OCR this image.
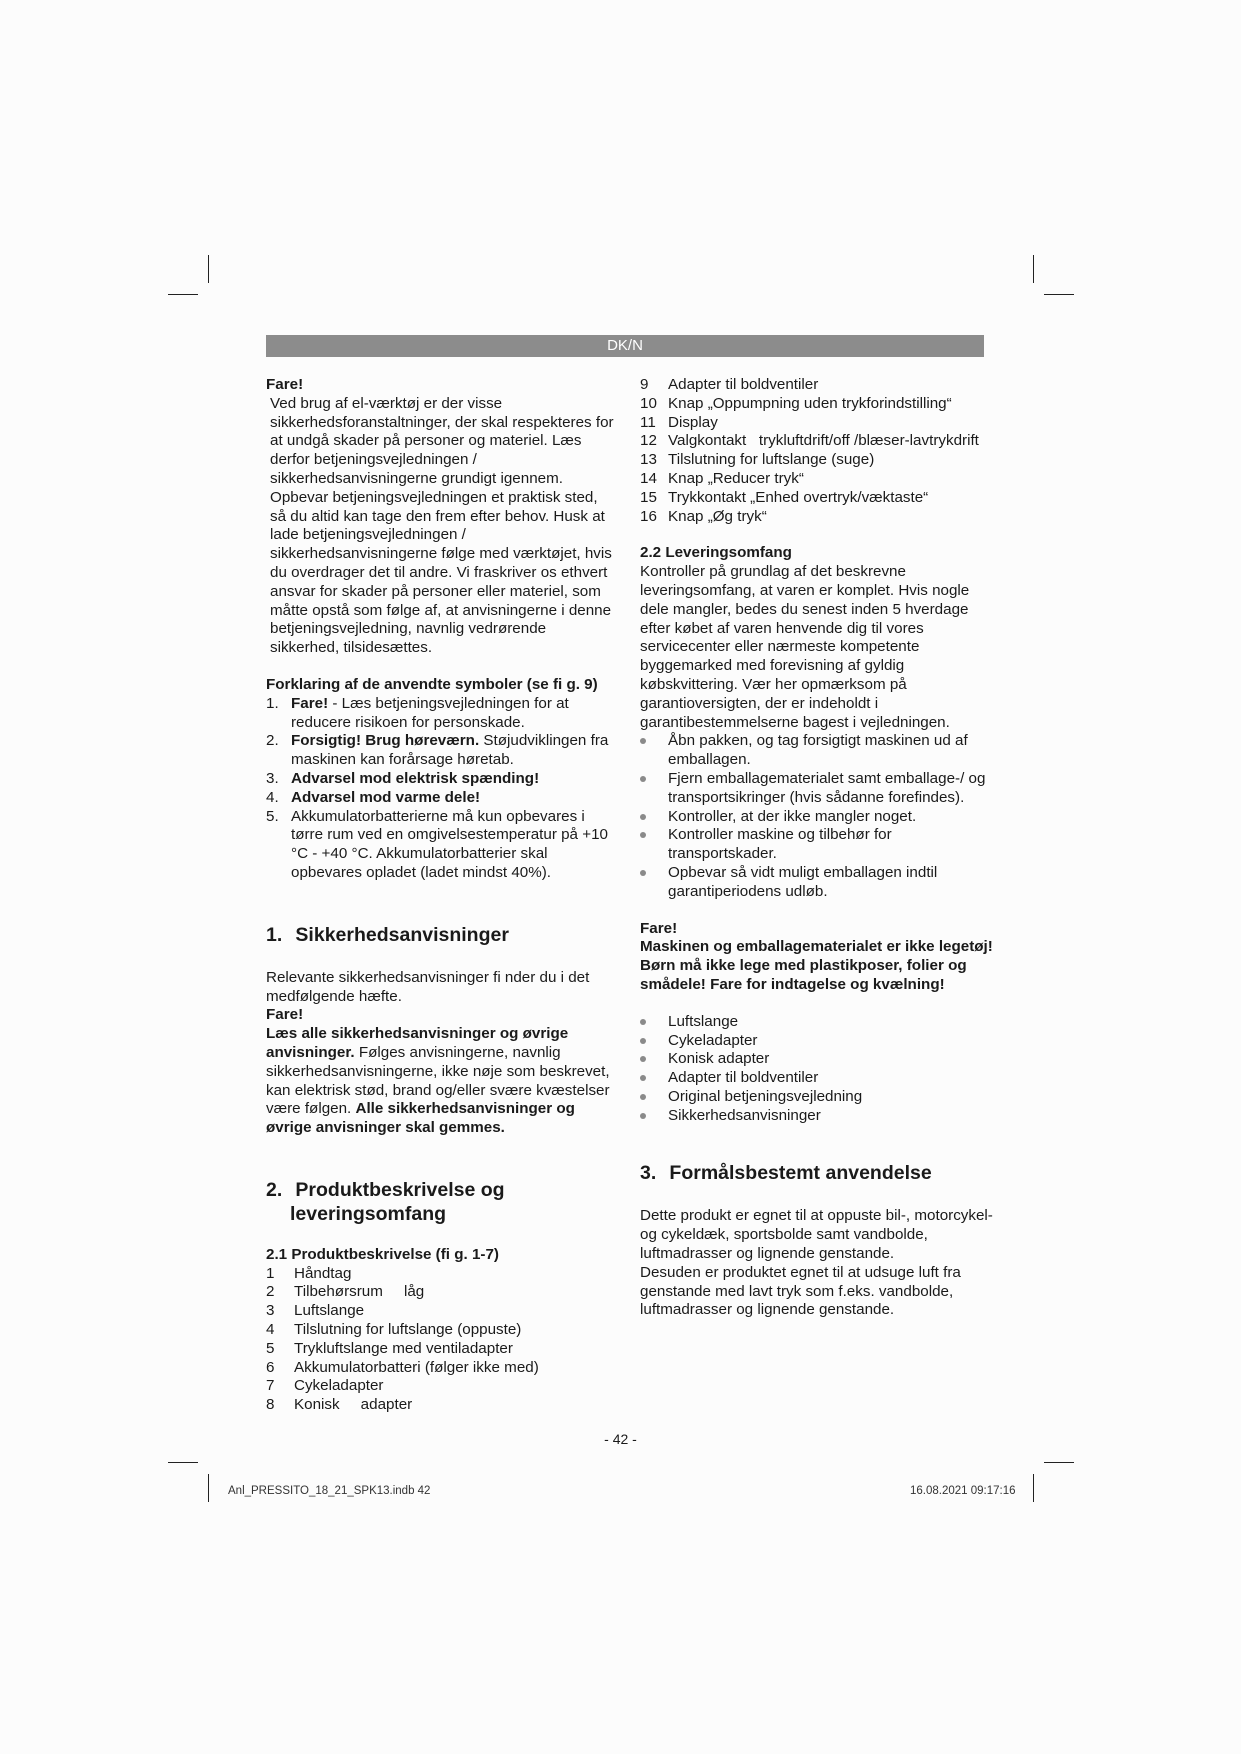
DK/N

Fare!

Ved brug af el-værktøj er der visse sikkerhedsforanstaltninger, der skal respekteres for at undgå skader på personer og materiel. Læs derfor betjeningsvejledningen / sikkerhedsanvisningerne grundigt igennem. Opbevar betjeningsvejledningen et praktisk sted, så du altid kan tage den frem efter behov. Husk at lade betjeningsvejledningen / sikkerhedsanvisningerne følge med værktøjet, hvis du overdrager det til andre. Vi fraskriver os ethvert ansvar for skader på personer eller materiel, som måtte opstå som følge af, at anvisningerne i denne betjeningsvejledning, navnlig vedrørende sikkerhed, tilsidesættes.

Forklaring af de anvendte symboler (se fi g. 9)

1. Fare! - Læs betjeningsvejledningen for at reducere risikoen for personskade.
2. Forsigtig! Brug høreværn. Støjudviklingen fra maskinen kan forårsage høretab.
3. Advarsel mod elektrisk spænding!
4. Advarsel mod varme dele!
5. Akkumulatorbatterierne må kun opbevares i tørre rum ved en omgivelsestemperatur på +10 °C - +40 °C. Akkumulatorbatterier skal opbevares opladet (ladet mindst 40%).
1. Sikkerhedsanvisninger

Relevante sikkerhedsanvisninger fi nder du i det medfølgende hæfte.

Fare!

Læs alle sikkerhedsanvisninger og øvrige anvisninger. Følges anvisningerne, navnlig sikkerhedsanvisningerne, ikke nøje som beskrevet, kan elektrisk stød, brand og/eller svære kvæstelser være følgen. Alle sikkerhedsanvisninger og øvrige anvisninger skal gemmes.

2. Produktbeskrivelse og
leveringsomfang

2.1 Produktbeskrivelse (fi g. 1-7)

1 Håndtag
2 Tilbehørsrum     låg
3 Luftslange
4 Tilslutning for luftslange (oppuste)
5 Trykluftslange med ventiladapter
6 Akkumulatorbatteri (følger ikke med)
7 Cykeladapter
8 Konisk     adapter
9 Adapter til boldventiler
10 Knap „Oppumpning uden trykforindstilling“
11 Display
12 Valgkontakt   trykluftdrift/off /blæser-lavtrykdrift
13 Tilslutning for luftslange (suge)
14 Knap „Reducer tryk“
15 Trykkontakt „Enhed overtryk/væktaste“
16 Knap „Øg tryk“

2.2 Leveringsomfang

Kontroller på grundlag af det beskrevne leveringsomfang, at varen er komplet. Hvis nogle dele mangler, bedes du senest inden 5 hverdage efter købet af varen henvende dig til vores servicecenter eller nærmeste kompetente byggemarked med forevisning af gyldig købskvittering. Vær her opmærksom på garantioversigten, der er indeholdt i garantibestemmelserne bagest i vejledningen.

Åbn pakken, og tag forsigtigt maskinen ud af emballagen.
Fjern emballagematerialet samt emballage-/ og transportsikringer (hvis sådanne forefindes).
Kontroller, at der ikke mangler noget.
Kontroller maskine og tilbehør for transportskader.
Opbevar så vidt muligt emballagen indtil garantiperiodens udløb.

Fare!

Maskinen og emballagematerialet er ikke legetøj! Børn må ikke lege med plastikposer, folier og smådele! Fare for indtagelse og kvælning!

Luftslange
Cykeladapter
Konisk adapter
Adapter til boldventiler
Original betjeningsvejledning
Sikkerhedsanvisninger
3. Formålsbestemt anvendelse

Dette produkt er egnet til at oppuste bil-, motorcykel- og cykeldæk, sportsbolde samt vandbolde, luftmadrasser og lignende genstande.

Desuden er produktet egnet til at udsuge luft fra genstande med lavt tryk som f.eks. vandbolde, luftmadrasser og lignende genstande.

- 42 -
Anl_PRESSITO_18_21_SPK13.indb 42	16.08.2021 09:17:16
